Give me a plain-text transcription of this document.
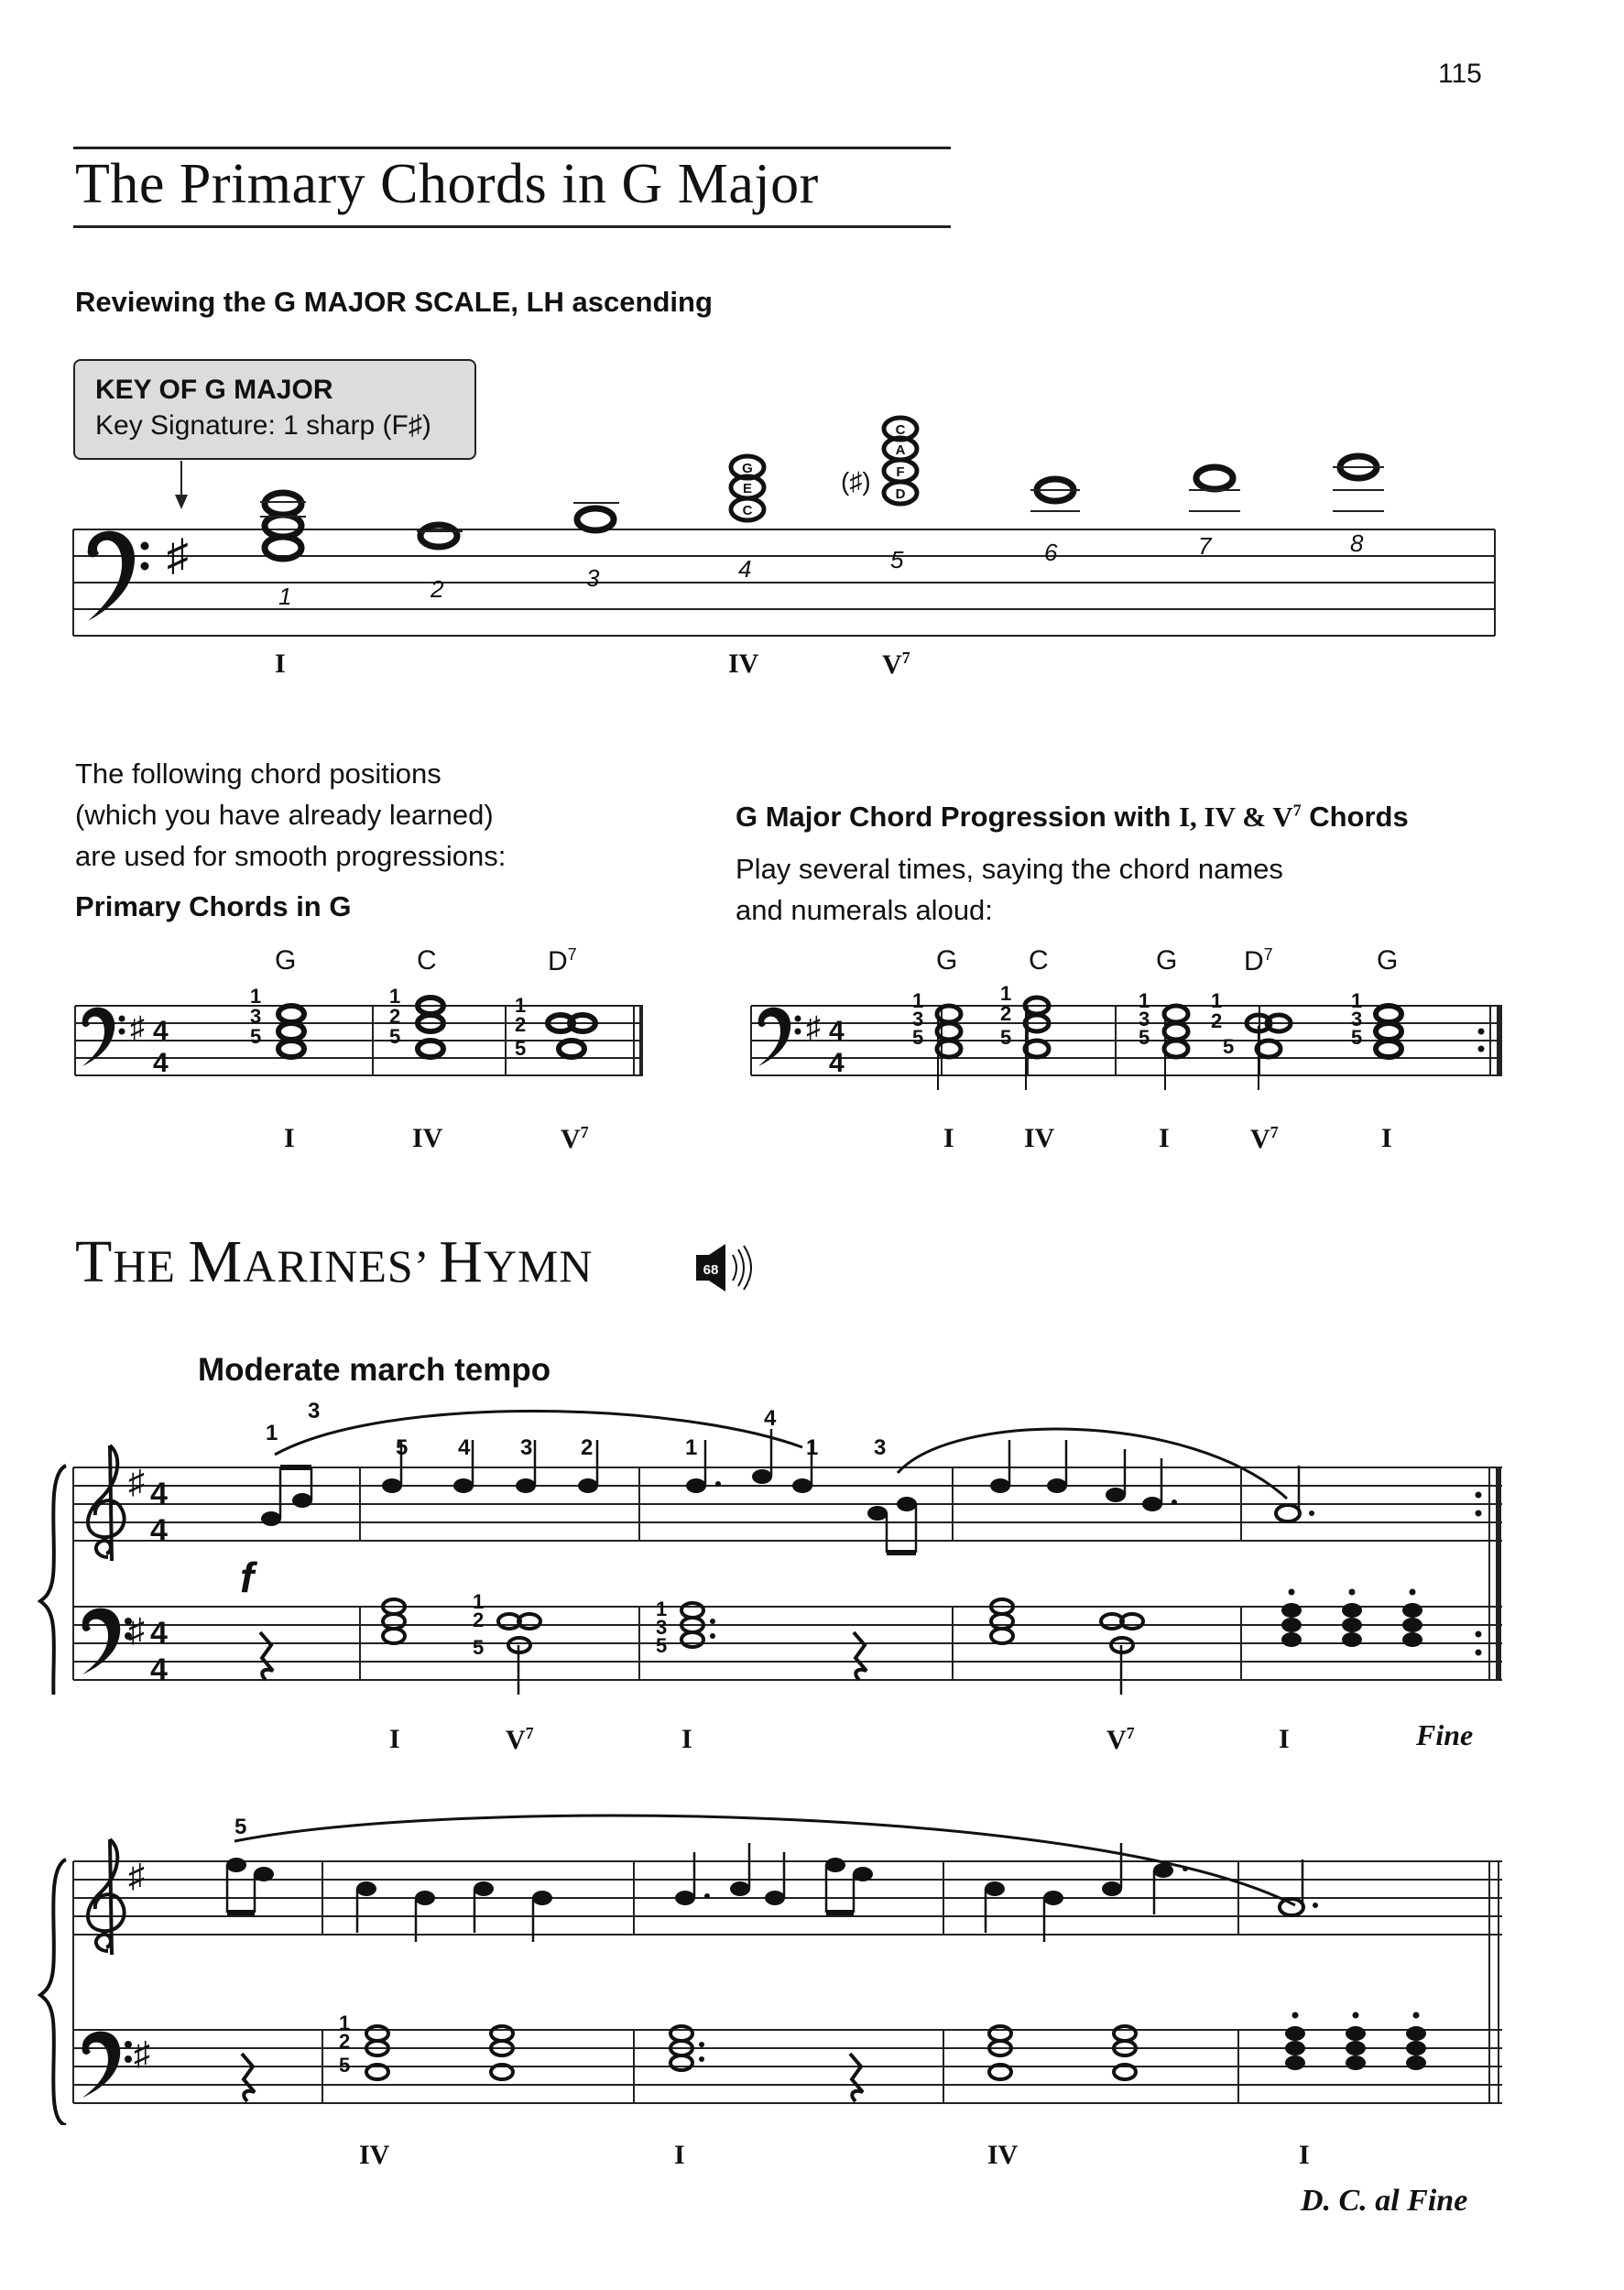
115
The Primary Chords in G Major
Reviewing the G MAJOR SCALE, LH ascending
KEY OF G MAJOR
Key Signature: 1 sharp (F♯)
♯
G
E
C
C
A
F
D
(♯)
1	2	3	4	5	6	7	8
I	IV	$V^7$
The following chord positions
(which you have already learned)
are used for smooth progressions:
Primary Chords in G
G Major Chord Progression with I, IV & $V^7$ Chords
Play several times, saying the chord names
and numerals aloud:
G	C	$D^7$	G	C	G $D^7$	G
♯ 4
4
1
3
5
1
2
5
1
2
5
♯ 4
4
1
3
5
1
2
5
1
3
5
1
2
5
1
3
5
I	IV	$V^7$	I	IV	I	$V^7$	I
THE MARINES’ HYMN	68
Moderate march tempo
♯ 4
4
♯ 4
4
f
1
3
5 4 3 2	1
4
1	3
1
2
5
1
3
5
I	$V^7$	I	$V^7$	I	Fine
♯
♯
5
1
2
5
IV	I	IV	I
D. C. al Fine
